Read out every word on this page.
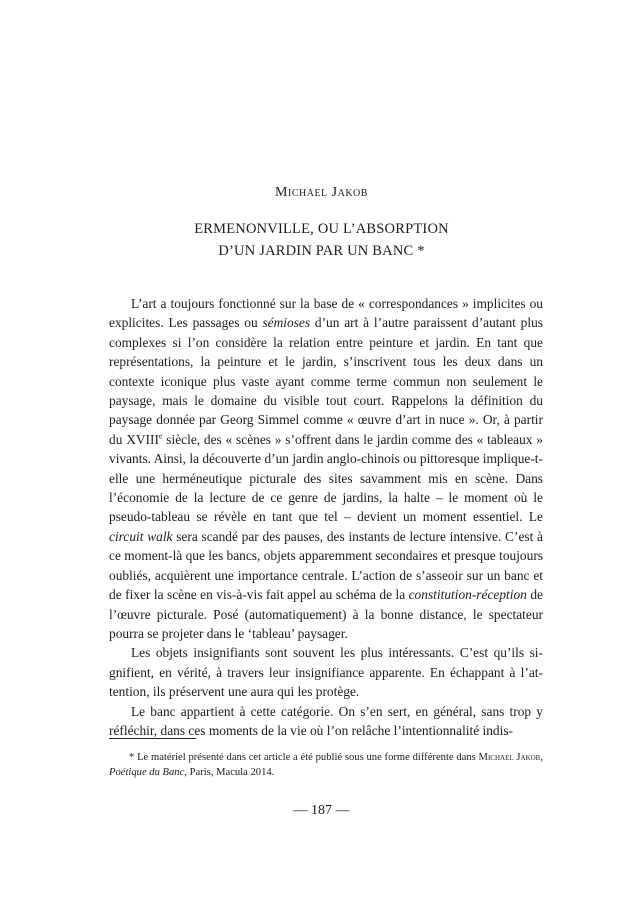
Michael Jakob
ERMENONVILLE, OU L’ABSORPTION
D’UN JARDIN PAR UN BANC *

L’art a toujours fonctionné sur la base de « correspondances » implicites ou explicites. Les passages ou sémioses d’un art à l’autre paraissent d’autant plus complexes si l’on considère la relation entre peinture et jardin. En tant que représentations, la peinture et le jardin, s’inscrivent tous les deux dans un contexte iconique plus vaste ayant comme terme commun non seulement le paysage, mais le domaine du visible tout court. Rappelons la définition du paysage donnée par Georg Simmel comme « œuvre d’art in nuce ». Or, à partir du XVIIIe siècle, des « scènes » s’offrent dans le jardin comme des « tableaux » vivants. Ainsi, la découverte d’un jardin anglo-chinois ou pittoresque implique-t-elle une herméneutique picturale des sites savamment mis en scène. Dans l’économie de la lecture de ce genre de jardins, la halte – le moment où le pseudo-tableau se révèle en tant que tel – devient un moment essentiel. Le circuit walk sera scandé par des pauses, des instants de lecture intensive. C’est à ce moment-là que les bancs, objets apparemment secondaires et presque toujours oubliés, acquièrent une importance centrale. L’action de s’asseoir sur un banc et de fixer la scène en vis-à-vis fait appel au schéma de la constitution-réception de l’œuvre picturale. Posé (automatiquement) à la bonne distance, le spectateur pourra se projeter dans le ‘tableau’ paysager.

Les objets insignifiants sont souvent les plus intéressants. C’est qu’ils signifient, en vérité, à travers leur insignifiance apparente. En échappant à l’attention, ils préservent une aura qui les protège.

Le banc appartient à cette catégorie. On s’en sert, en général, sans trop y réfléchir, dans ces moments de la vie où l’on relâche l’intentionnalité indis-

* Le matériel présenté dans cet article a été publié sous une forme différente dans Michael Jakob, Poétique du Banc, Paris, Macula 2014.
— 187 —
